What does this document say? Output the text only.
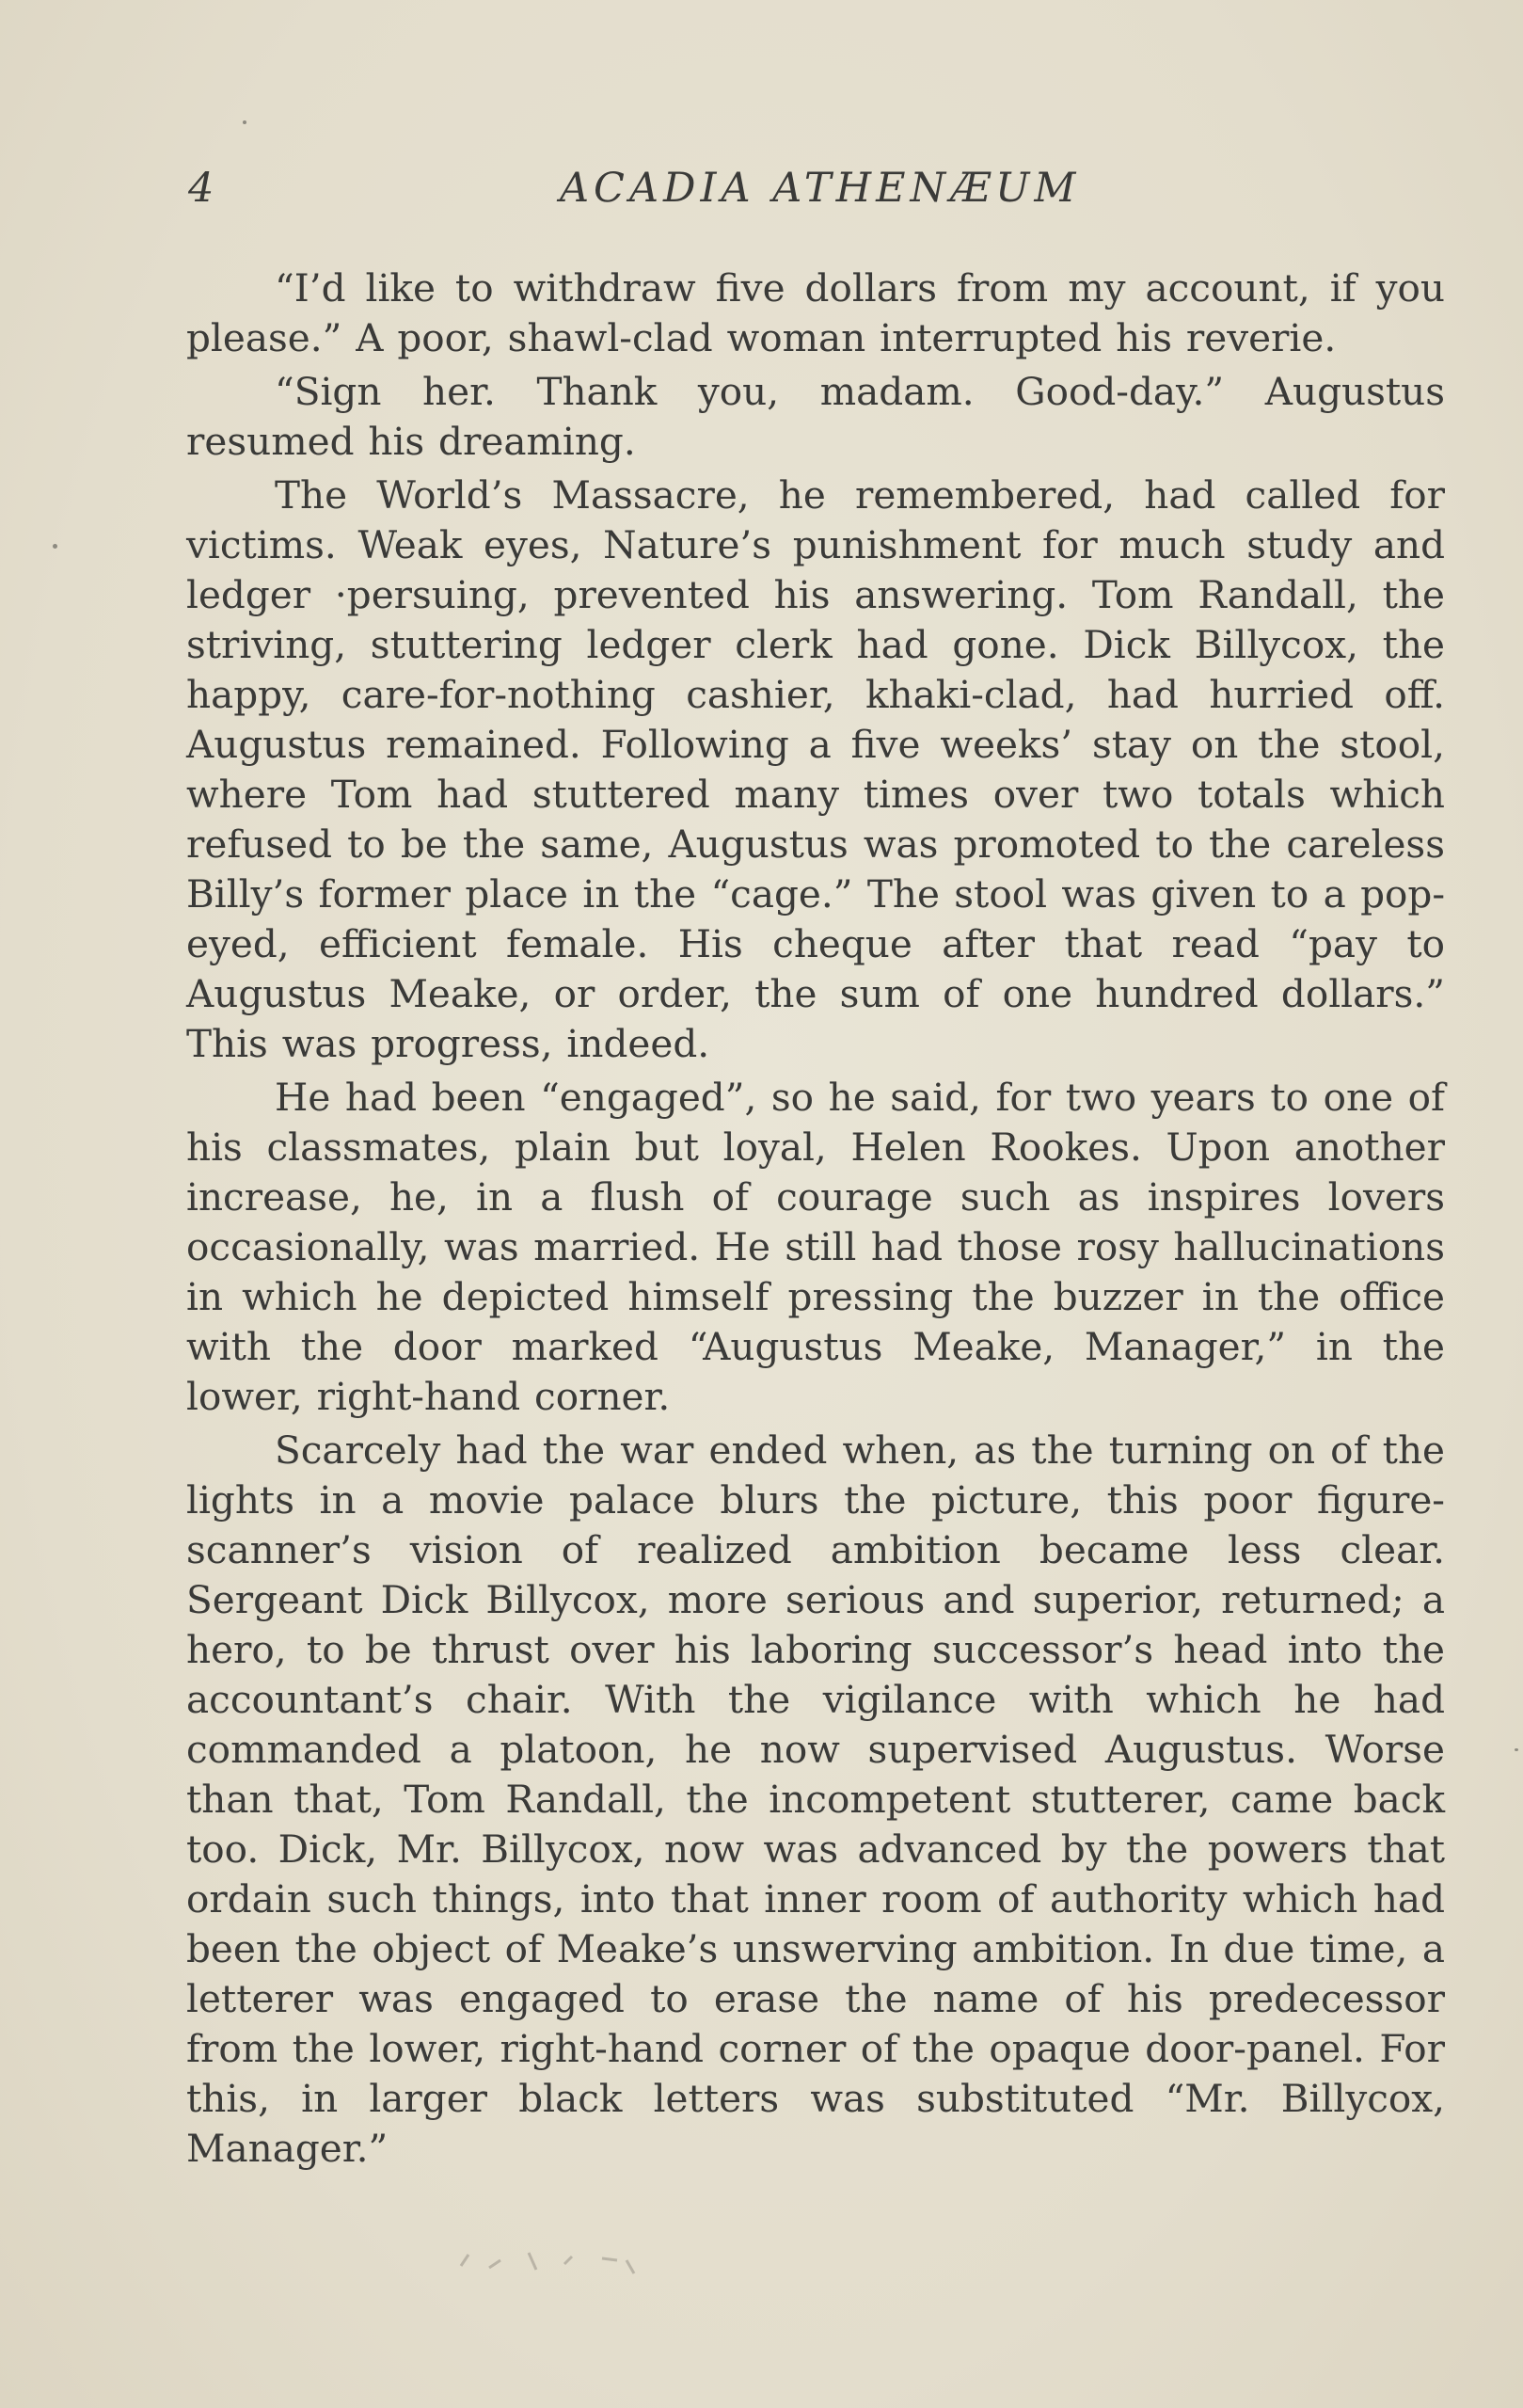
4	ACADIA ATHENÆUM

“I’d like to withdraw five dollars from my account, if you please.” A poor, shawl-clad woman interrupted his reverie.

“Sign her. Thank you, madam. Good-day.” Augustus resumed his dreaming.

The World’s Massacre, he remembered, had called for victims. Weak eyes, Nature’s punishment for much study and ledger ·persuing, prevented his answering. Tom Randall, the striving, stuttering ledger clerk had gone. Dick Billycox, the happy, care-for-nothing cashier, khaki-clad, had hurried off. Augustus remained. Following a five weeks’ stay on the stool, where Tom had stuttered many times over two totals which refused to be the same, Augustus was promoted to the careless Billy’s former place in the “cage.” The stool was given to a pop-eyed, efficient female. His cheque after that read “pay to Augustus Meake, or order, the sum of one hundred dollars.” This was progress, indeed.

He had been “engaged”, so he said, for two years to one of his classmates, plain but loyal, Helen Rookes. Upon another increase, he, in a flush of courage such as inspires lovers occasionally, was married. He still had those rosy hallucinations in which he depicted himself pressing the buzzer in the office with the door marked “Augustus Meake, Manager,” in the lower, right-hand corner.

Scarcely had the war ended when, as the turning on of the lights in a movie palace blurs the picture, this poor figure-scanner’s vision of realized ambition became less clear. Sergeant Dick Billycox, more serious and superior, returned; a hero, to be thrust over his laboring successor’s head into the accountant’s chair. With the vigilance with which he had commanded a platoon, he now supervised Augustus. Worse than that, Tom Randall, the incompetent stutterer, came back too. Dick, Mr. Billycox, now was advanced by the powers that ordain such things, into that inner room of authority which had been the object of Meake’s unswerving ambition. In due time, a letterer was engaged to erase the name of his predecessor from the lower, right-hand corner of the opaque door-panel. For this, in larger black letters was substituted “Mr. Billycox, Manager.”
